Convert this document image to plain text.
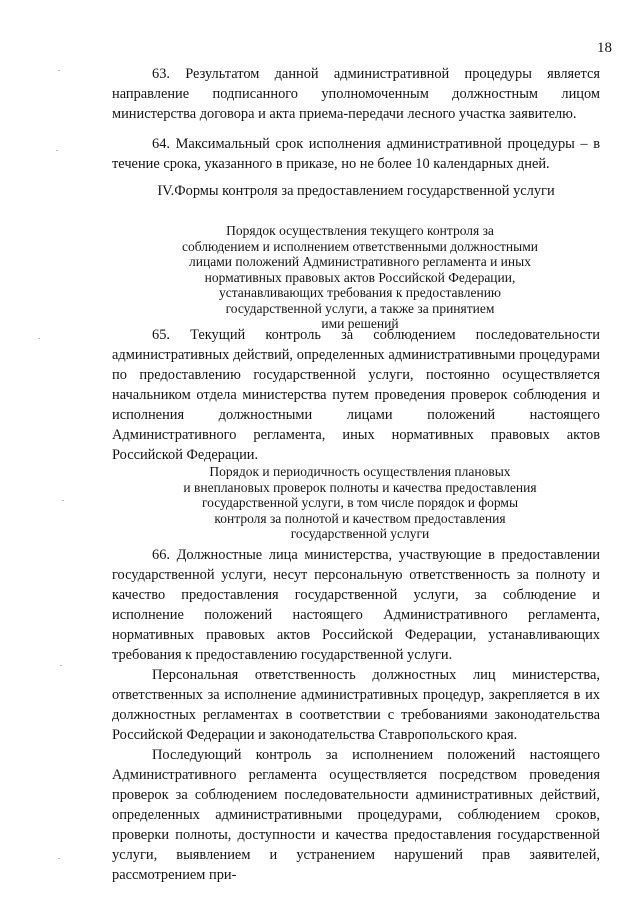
18

63. Результатом данной административной процедуры является направление подписанного уполномоченным должностным лицом министерства договора и акта приема-передачи лесного участка заявителю.

64. Максимальный срок исполнения административной процедуры – в течение срока, указанного в приказе, но не более 10 календарных дней.

IV.Формы контроля за предоставлением государственной услуги
Порядок осуществления текущего контроля за
соблюдением и исполнением ответственными должностными
лицами положений Административного регламента и иных
нормативных правовых актов Российской Федерации,
устанавливающих требования к предоставлению
государственной услуги, а также за принятием
ими решений

65. Текущий контроль за соблюдением последовательности административных действий, определенных административными процедурами по предоставлению государственной услуги, постоянно осуществляется начальником отдела министерства путем проведения проверок соблюдения и исполнения должностными лицами положений настоящего Административного регламента, иных нормативных правовых актов Российской Федерации.

Порядок и периодичность осуществления плановых
и внеплановых проверок полноты и качества предоставления
государственной услуги, в том числе порядок и формы
контроля за полнотой и качеством предоставления
государственной услуги

66. Должностные лица министерства, участвующие в предоставлении государственной услуги, несут персональную ответственность за полноту и качество предоставления государственной услуги, за соблюдение и исполнение положений настоящего Административного регламента, нормативных правовых актов Российской Федерации, устанавливающих требования к предоставлению государственной услуги.

Персональная ответственность должностных лиц министерства, ответственных за исполнение административных процедур, закрепляется в их должностных регламентах в соответствии с требованиями законодательства Российской Федерации и законодательства Ставропольского края.

Последующий контроль за исполнением положений настоящего Административного регламента осуществляется посредством проведения проверок за соблюдением последовательности административных действий, определенных административными процедурами, соблюдением сроков, проверки полноты, доступности и качества предоставления государственной услуги, выявлением и устранением нарушений прав заявителей, рассмотрением при-
